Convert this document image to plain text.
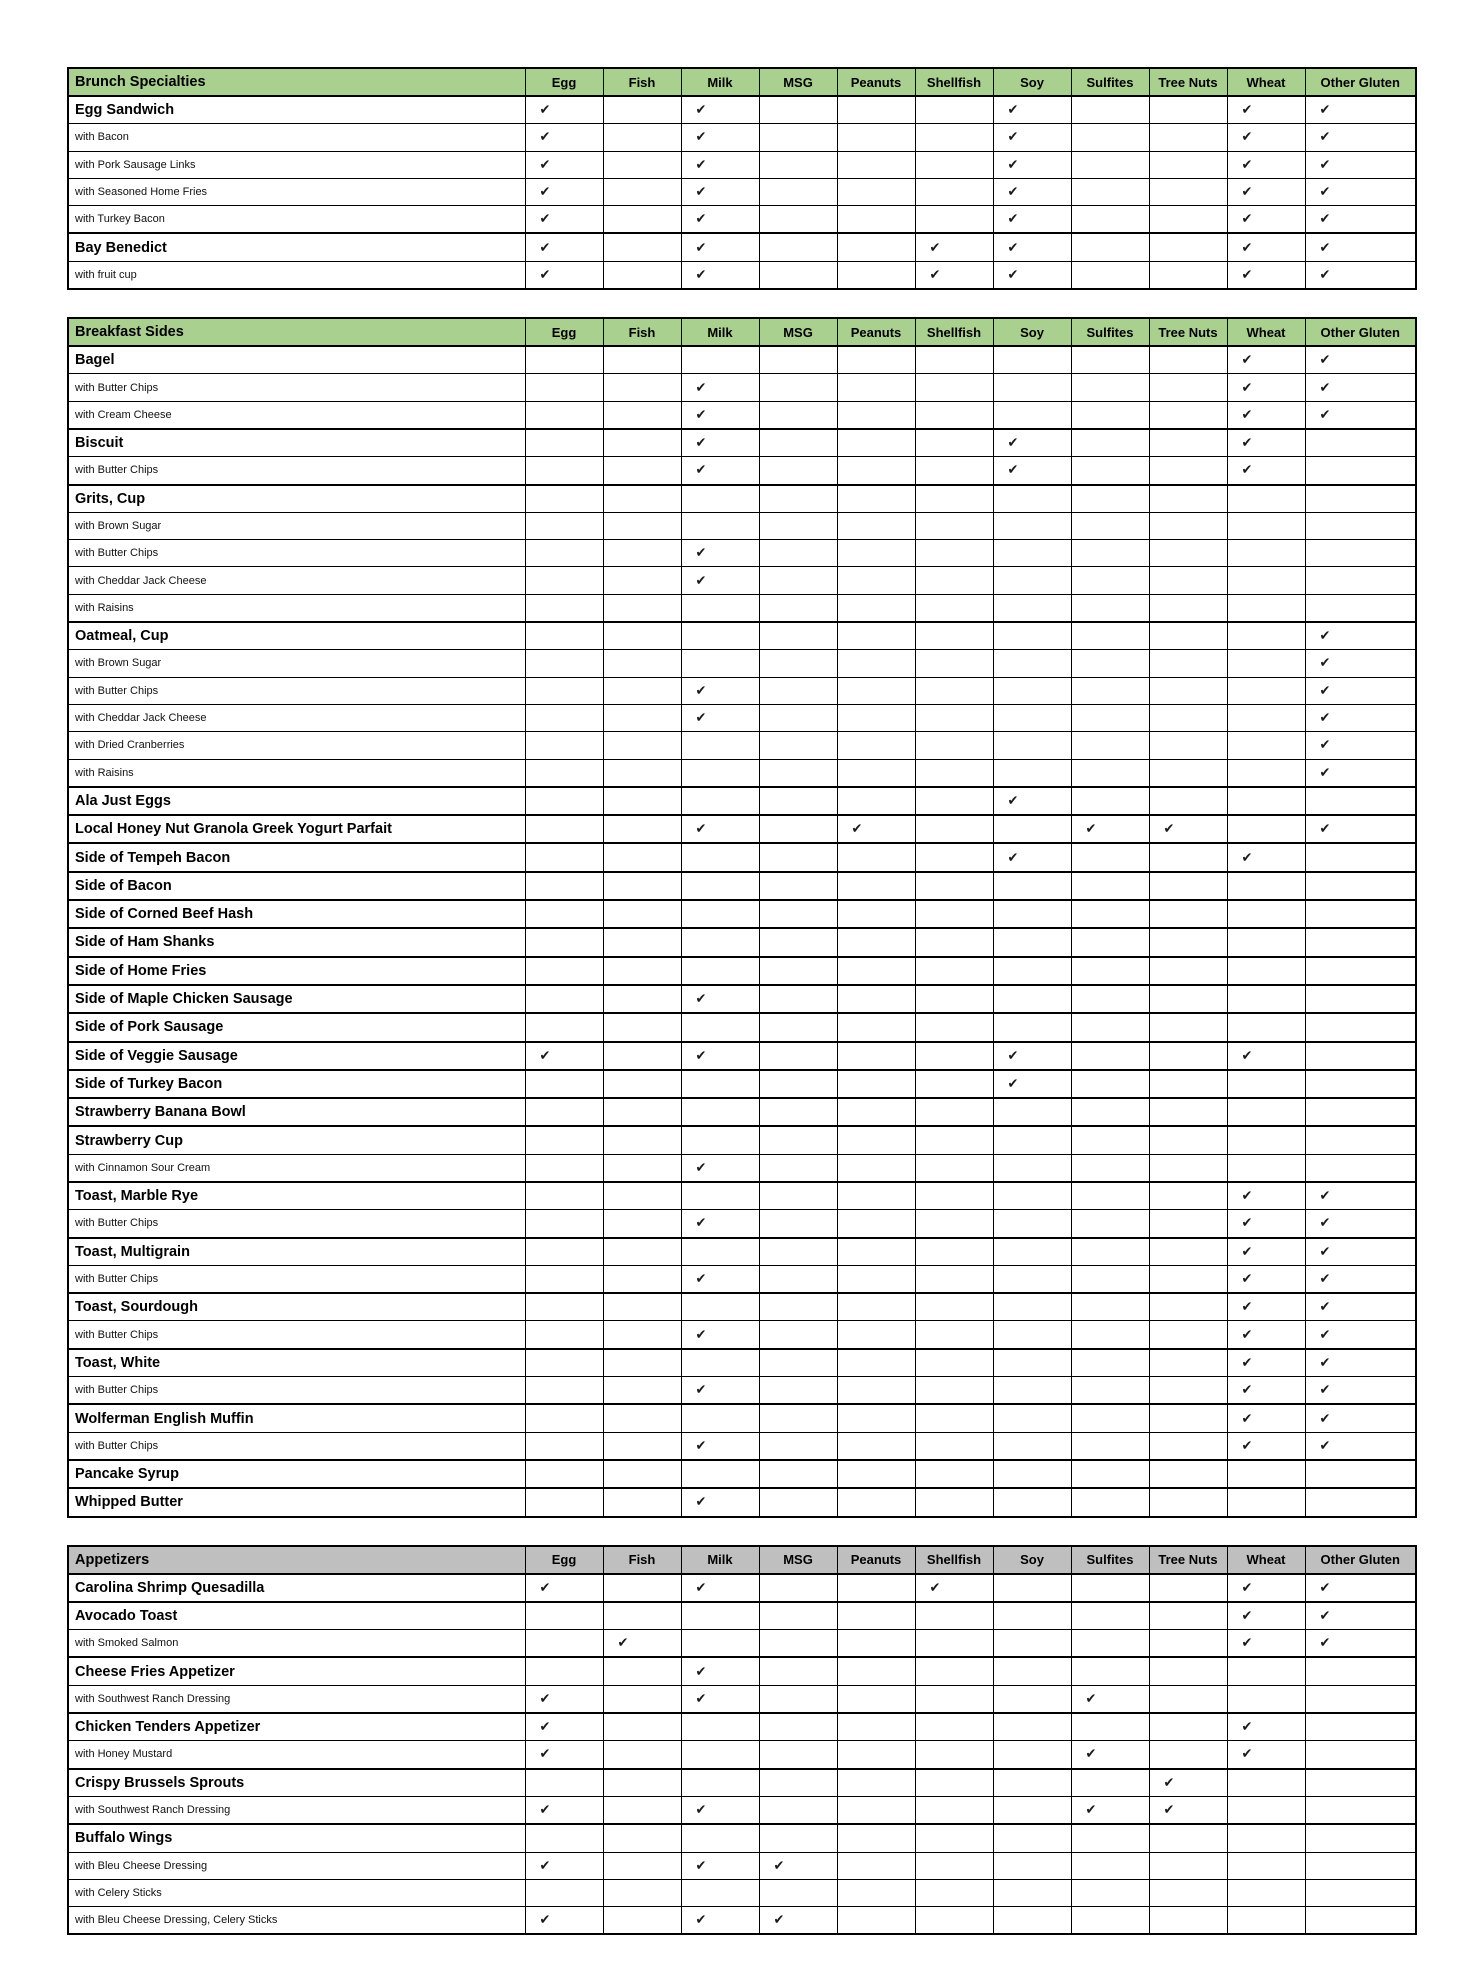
Brunch Specialties	Egg	Fish	Milk	MSG	Peanuts	Shellfish	Soy	Sulfites	Tree Nuts	Wheat	Other Gluten
Egg Sandwich	✔		✔				✔			✔	✔
with Bacon	✔		✔				✔			✔	✔
with Pork Sausage Links	✔		✔				✔			✔	✔
with Seasoned Home Fries	✔		✔				✔			✔	✔
with Turkey Bacon	✔		✔				✔			✔	✔
Bay Benedict	✔		✔			✔	✔			✔	✔
with fruit cup	✔		✔			✔	✔			✔	✔
Breakfast Sides	Egg	Fish	Milk	MSG	Peanuts	Shellfish	Soy	Sulfites	Tree Nuts	Wheat	Other Gluten
Bagel										✔	✔
with Butter Chips			✔							✔	✔
with Cream Cheese			✔							✔	✔
Biscuit			✔				✔			✔	
with Butter Chips			✔				✔			✔	
Grits, Cup											
with Brown Sugar											
with Butter Chips			✔								
with Cheddar Jack Cheese			✔								
with Raisins											
Oatmeal, Cup											✔
with Brown Sugar											✔
with Butter Chips			✔								✔
with Cheddar Jack Cheese			✔								✔
with Dried Cranberries											✔
with Raisins											✔
Ala Just Eggs							✔				
Local Honey Nut Granola Greek Yogurt Parfait			✔		✔			✔	✔		✔
Side of Tempeh Bacon							✔			✔	
Side of Bacon											
Side of Corned Beef Hash											
Side of Ham Shanks											
Side of Home Fries											
Side of Maple Chicken Sausage			✔								
Side of Pork Sausage											
Side of Veggie Sausage	✔		✔				✔			✔	
Side of Turkey Bacon							✔				
Strawberry Banana Bowl											
Strawberry Cup											
with Cinnamon Sour Cream			✔								
Toast, Marble Rye										✔	✔
with Butter Chips			✔							✔	✔
Toast, Multigrain										✔	✔
with Butter Chips			✔							✔	✔
Toast, Sourdough										✔	✔
with Butter Chips			✔							✔	✔
Toast, White										✔	✔
with Butter Chips			✔							✔	✔
Wolferman English Muffin										✔	✔
with Butter Chips			✔							✔	✔
Pancake Syrup											
Whipped Butter			✔								
Appetizers	Egg	Fish	Milk	MSG	Peanuts	Shellfish	Soy	Sulfites	Tree Nuts	Wheat	Other Gluten
Carolina Shrimp Quesadilla	✔		✔			✔				✔	✔
Avocado Toast										✔	✔
with Smoked Salmon		✔								✔	✔
Cheese Fries Appetizer			✔								
with Southwest Ranch Dressing	✔		✔					✔			
Chicken Tenders Appetizer	✔									✔	
with Honey Mustard	✔							✔		✔	
Crispy Brussels Sprouts									✔		
with Southwest Ranch Dressing	✔		✔					✔	✔		
Buffalo Wings											
with Bleu Cheese Dressing	✔		✔	✔							
with Celery Sticks											
with Bleu Cheese Dressing, Celery Sticks	✔		✔	✔							
